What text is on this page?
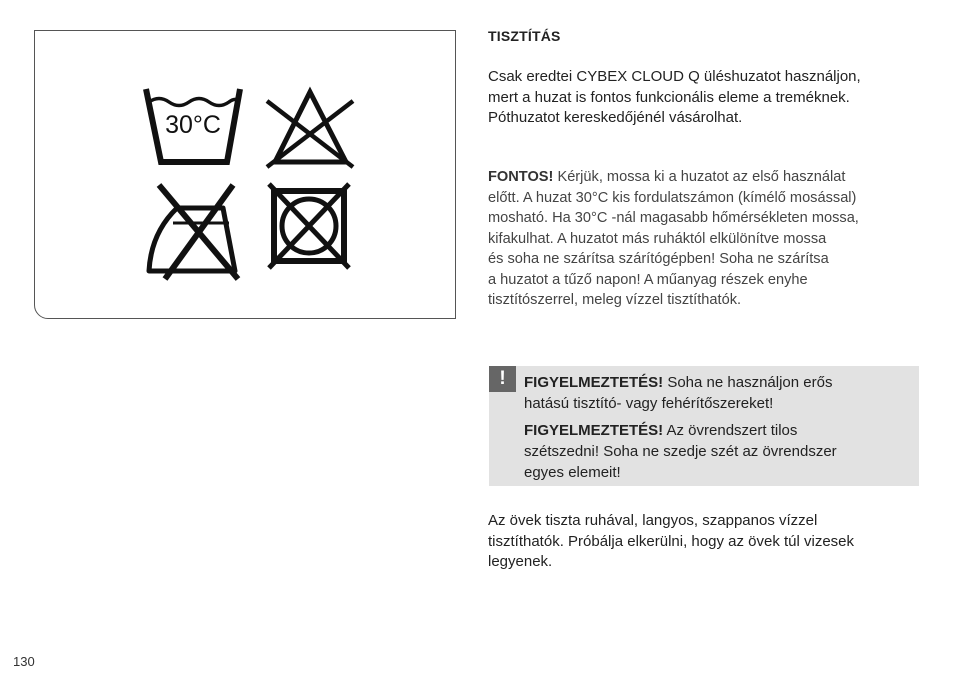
30°C
TISZTÍTÁS
Csak eredtei CYBEX CLOUD Q üléshuzatot használjon,
mert a huzat is fontos funkcionális eleme a treméknek.
Póthuzatot kereskedőjénél vásárolhat.
FONTOS! Kérjük, mossa ki a huzatot az első használat
előtt. A huzat 30°C kis fordulatszámon (kímélő mosással)
mosható. Ha 30°C -nál magasabb hőmérsékleten mossa,
kifakulhat. A huzatot más ruháktól elkülönítve mossa
és soha ne szárítsa szárítógépben! Soha ne szárítsa
a huzatot a tűző napon! A műanyag részek enyhe
tisztítószerrel, meleg vízzel tisztíthatók.
!	FIGYELMEZTETÉS! Soha ne használjon erős
hatású tisztító- vagy fehérítőszereket!

FIGYELMEZTETÉS! Az övrendszert tilos
szétszedni! Soha ne szedje szét az övrendszer
egyes elemeit!

Az övek tiszta ruhával, langyos, szappanos vízzel
tisztíthatók. Próbálja elkerülni, hogy az övek túl vizesek
legyenek.
130
